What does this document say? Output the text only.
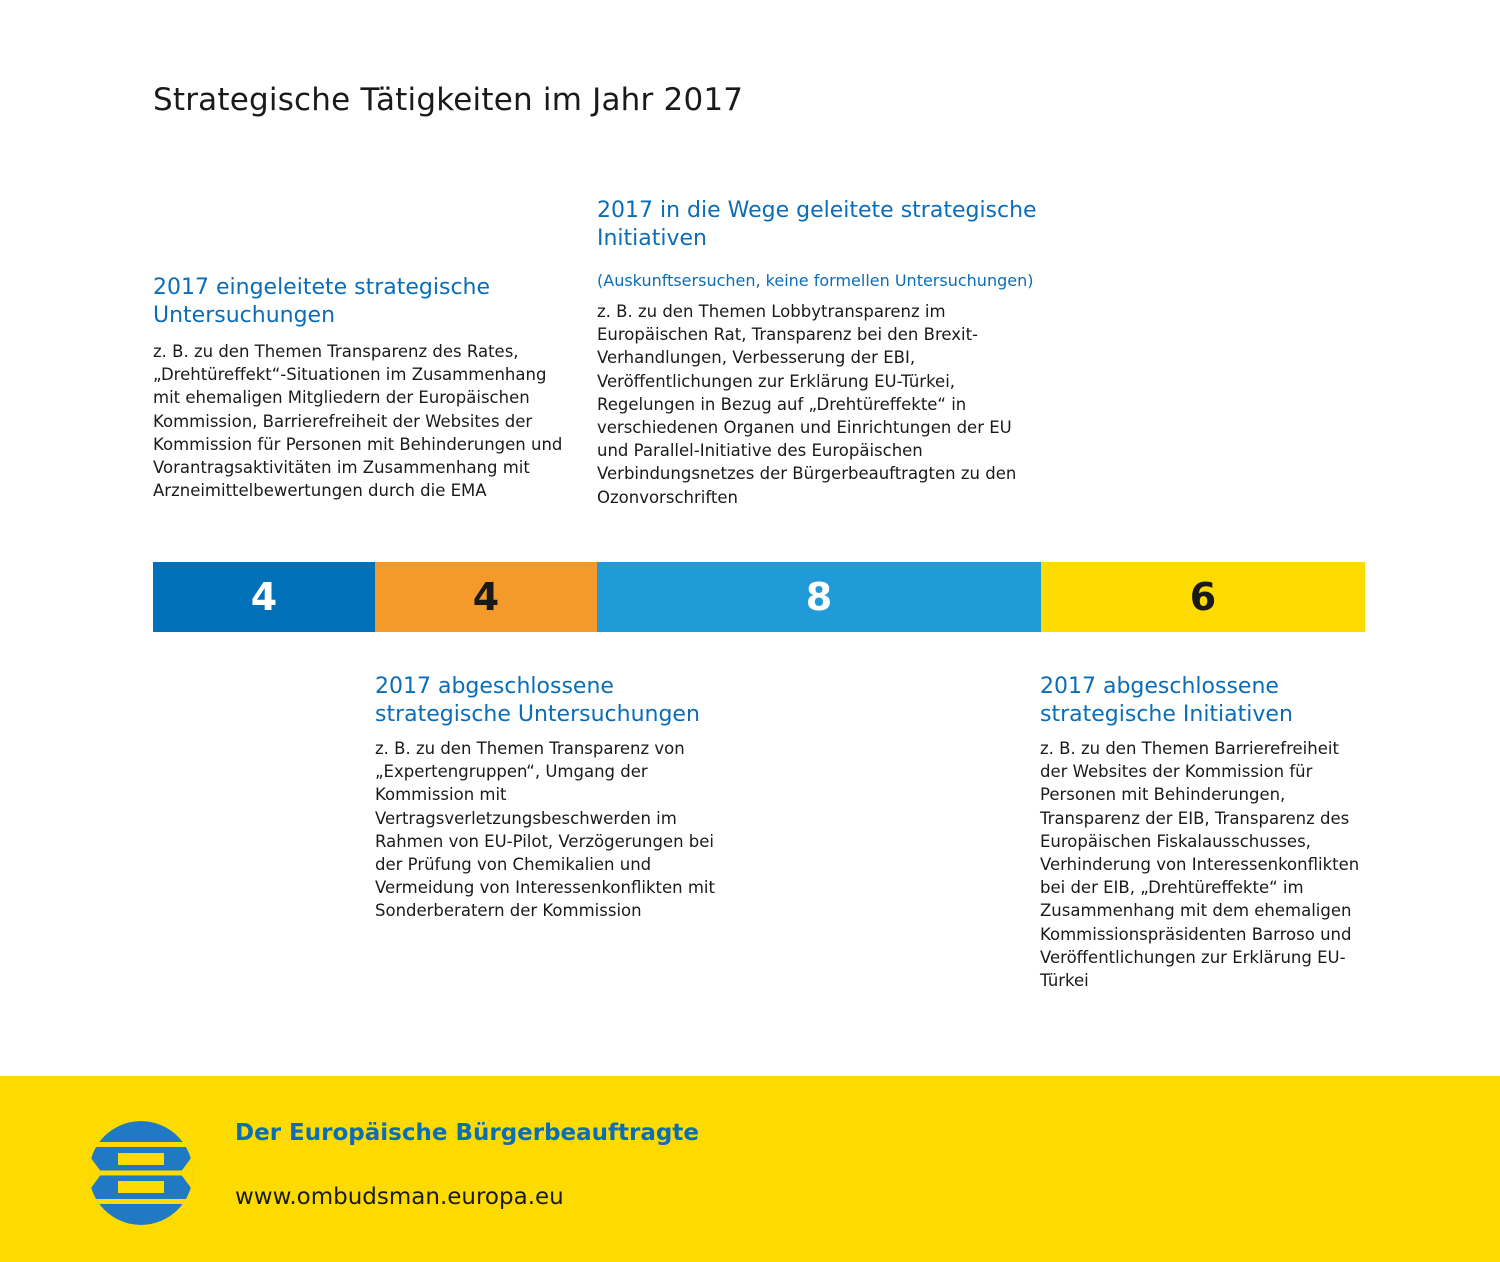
Strategische Tätigkeiten im Jahr 2017
2017 eingeleitete strategische Untersuchungen
z. B. zu den Themen Transparenz des Rates, „Drehtüreffekt“-Situationen im Zusammenhang mit ehemaligen Mitgliedern der Europäischen Kommission, Barrierefreiheit der Websites der Kommission für Personen mit Behinderungen und Vorantragsaktivitäten im Zusammenhang mit Arzneimittelbewertungen durch die EMA
2017 in die Wege geleitete strategische Initiativen
(Auskunftsersuchen, keine formellen Untersuchungen)
z. B. zu den Themen Lobbytransparenz im Europäischen Rat, Transparenz bei den Brexit-Verhandlungen, Verbesserung der EBI, Veröffentlichungen zur Erklärung EU-Türkei, Regelungen in Bezug auf „Drehtüreffekte“ in verschiedenen Organen und Einrichtungen der EU und Parallel-Initiative des Europäischen Verbindungsnetzes der Bürgerbeauftragten zu den Ozonvorschriften
4	4	8	6
2017 abgeschlossene strategische Untersuchungen
z. B. zu den Themen Transparenz von „Expertengruppen“, Umgang der Kommission mit Vertragsverletzungsbeschwerden im Rahmen von EU-Pilot, Verzögerungen bei der Prüfung von Chemikalien und Vermeidung von Interessenkonflikten mit Sonderberatern der Kommission
2017 abgeschlossene strategische Initiativen
z. B. zu den Themen Barrierefreiheit der Websites der Kommission für Personen mit Behinderungen, Transparenz der EIB, Transparenz des Europäischen Fiskalausschusses, Verhinderung von Interessenkonflikten bei der EIB, „Drehtüreffekte“ im Zusammenhang mit dem ehemaligen Kommissionspräsidenten Barroso und Veröffentlichungen zur Erklärung EU-Türkei
Der Europäische Bürgerbeauftragte
www.ombudsman.europa.eu
